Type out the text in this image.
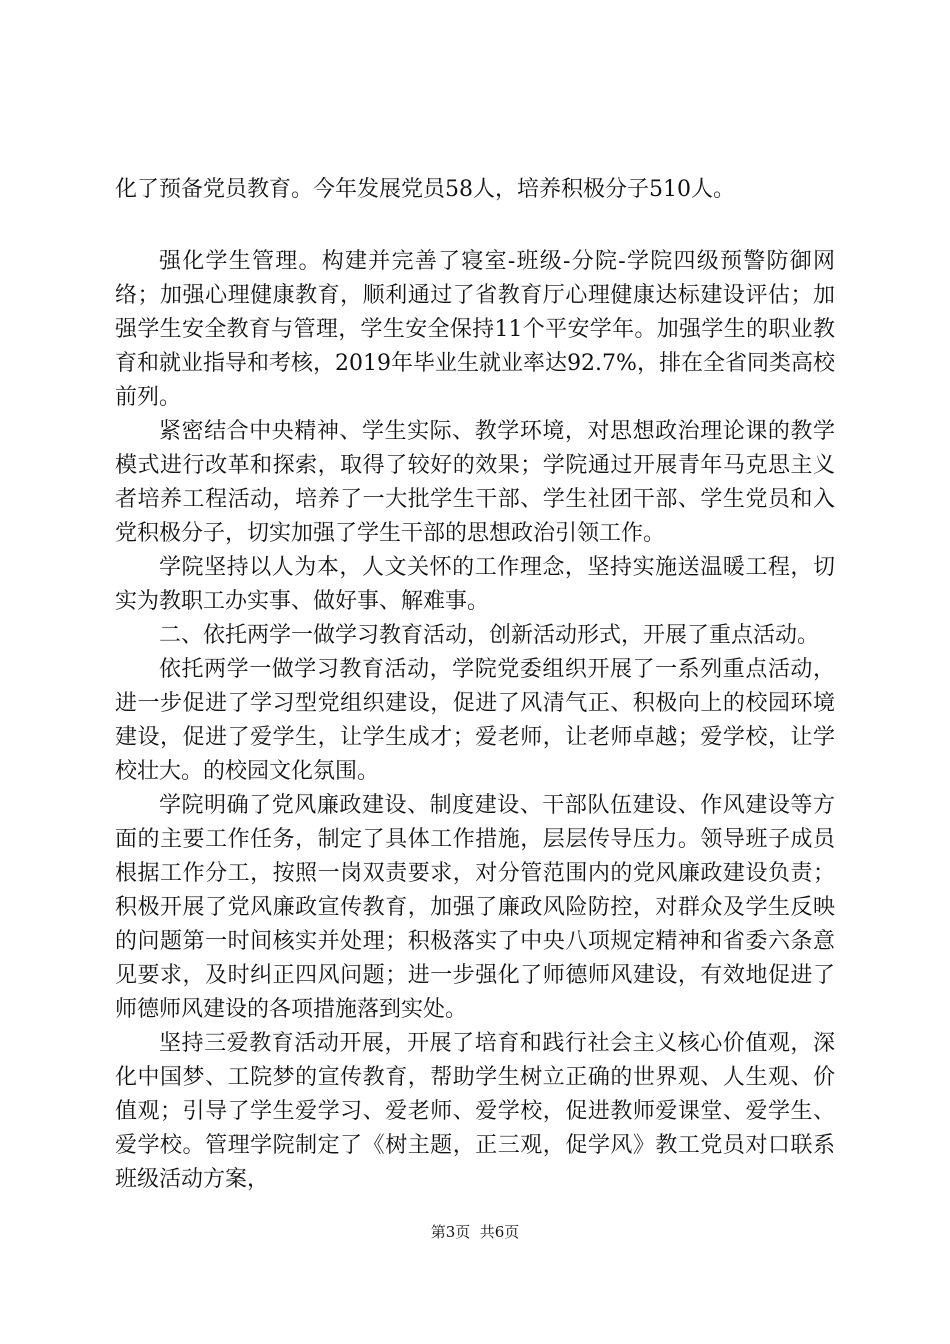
化了预备党员教育。今年发展党员58人，培养积极分子510人。

强化学生管理。构建并完善了寝室-班级-分院-学院四级预警防御网络；加强心理健康教育，顺利通过了省教育厅心理健康达标建设评估；加强学生安全教育与管理，学生安全保持11个平安学年。加强学生的职业教育和就业指导和考核，2019年毕业生就业率达92.7%，排在全省同类高校前列。

紧密结合中央精神、学生实际、教学环境，对思想政治理论课的教学模式进行改革和探索，取得了较好的效果；学院通过开展青年马克思主义者培养工程活动，培养了一大批学生干部、学生社团干部、学生党员和入党积极分子，切实加强了学生干部的思想政治引领工作。

学院坚持以人为本，人文关怀的工作理念，坚持实施送温暖工程，切实为教职工办实事、做好事、解难事。

二、依托两学一做学习教育活动，创新活动形式，开展了重点活动。

依托两学一做学习教育活动，学院党委组织开展了一系列重点活动，进一步促进了学习型党组织建设，促进了风清气正、积极向上的校园环境建设，促进了爱学生，让学生成才；爱老师，让老师卓越；爱学校，让学校壮大。的校园文化氛围。

学院明确了党风廉政建设、制度建设、干部队伍建设、作风建设等方面的主要工作任务，制定了具体工作措施，层层传导压力。领导班子成员根据工作分工，按照一岗双责要求，对分管范围内的党风廉政建设负责；积极开展了党风廉政宣传教育，加强了廉政风险防控，对群众及学生反映的问题第一时间核实并处理；积极落实了中央八项规定精神和省委六条意见要求，及时纠正四风问题；进一步强化了师德师风建设，有效地促进了师德师风建设的各项措施落到实处。

坚持三爱教育活动开展，开展了培育和践行社会主义核心价值观，深化中国梦、工院梦的宣传教育，帮助学生树立正确的世界观、人生观、价值观；引导了学生爱学习、爱老师、爱学校，促进教师爱课堂、爱学生、爱学校。管理学院制定了《树主题，正三观，促学风》教工党员对口联系班级活动方案，

第3页  共6页
